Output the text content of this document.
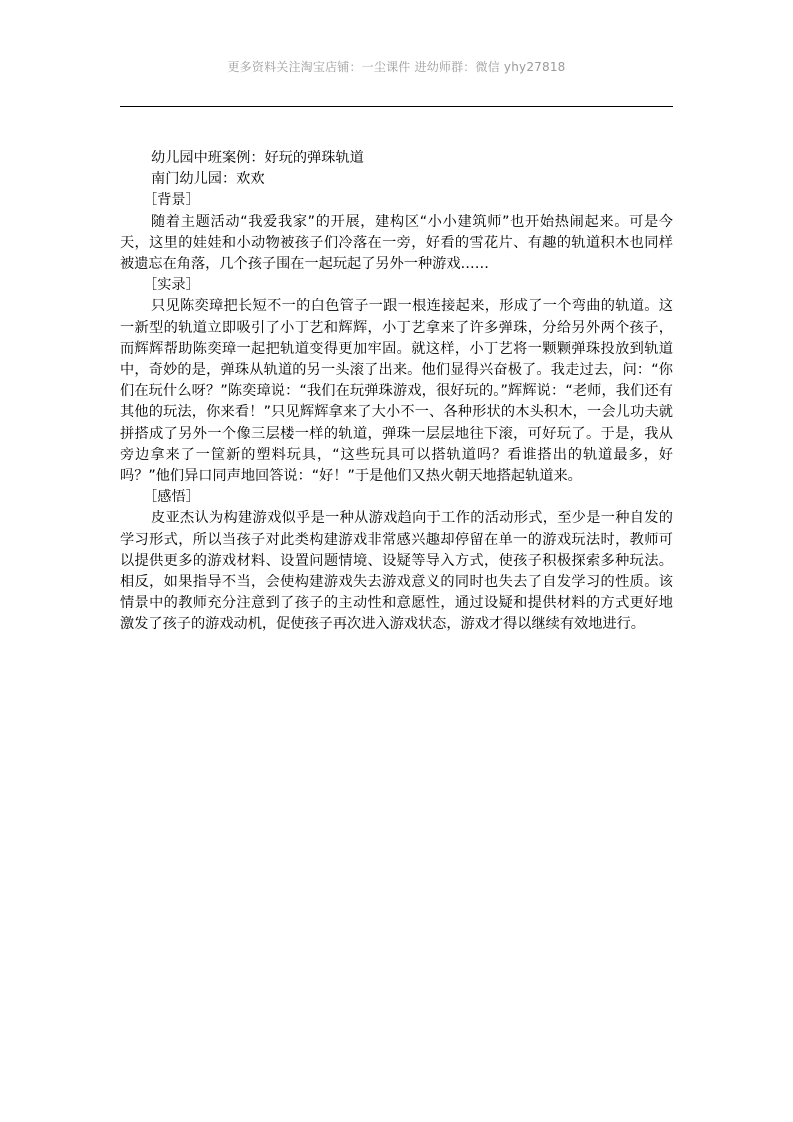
更多资料关注淘宝店铺：一尘课件 进幼师群：微信 yhy27818

幼儿园中班案例：好玩的弹珠轨道

南门幼儿园：欢欢

［背景］

随着主题活动“我爱我家”的开展，建构区“小小建筑师”也开始热闹起来。可是今天，这里的娃娃和小动物被孩子们冷落在一旁，好看的雪花片、有趣的轨道积木也同样被遗忘在角落，几个孩子围在一起玩起了另外一种游戏……

［实录］

只见陈奕璋把长短不一的白色管子一跟一根连接起来，形成了一个弯曲的轨道。这一新型的轨道立即吸引了小丁艺和辉辉，小丁艺拿来了许多弹珠，分给另外两个孩子，而辉辉帮助陈奕璋一起把轨道变得更加牢固。就这样，小丁艺将一颗颗弹珠投放到轨道中，奇妙的是，弹珠从轨道的另一头滚了出来。他们显得兴奋极了。我走过去，问：“你们在玩什么呀？”陈奕璋说：“我们在玩弹珠游戏，很好玩的。”辉辉说：“老师，我们还有其他的玩法，你来看！”只见辉辉拿来了大小不一、各种形状的木头积木，一会儿功夫就拼搭成了另外一个像三层楼一样的轨道，弹珠一层层地往下滚，可好玩了。于是，我从旁边拿来了一筐新的塑料玩具，“这些玩具可以搭轨道吗？看谁搭出的轨道最多，好吗？”他们异口同声地回答说：“好！”于是他们又热火朝天地搭起轨道来。

［感悟］

皮亚杰认为构建游戏似乎是一种从游戏趋向于工作的活动形式，至少是一种自发的学习形式，所以当孩子对此类构建游戏非常感兴趣却停留在单一的游戏玩法时，教师可以提供更多的游戏材料、设置问题情境、设疑等导入方式，使孩子积极探索多种玩法。相反，如果指导不当，会使构建游戏失去游戏意义的同时也失去了自发学习的性质。该情景中的教师充分注意到了孩子的主动性和意愿性，通过设疑和提供材料的方式更好地激发了孩子的游戏动机，促使孩子再次进入游戏状态，游戏才得以继续有效地进行。
